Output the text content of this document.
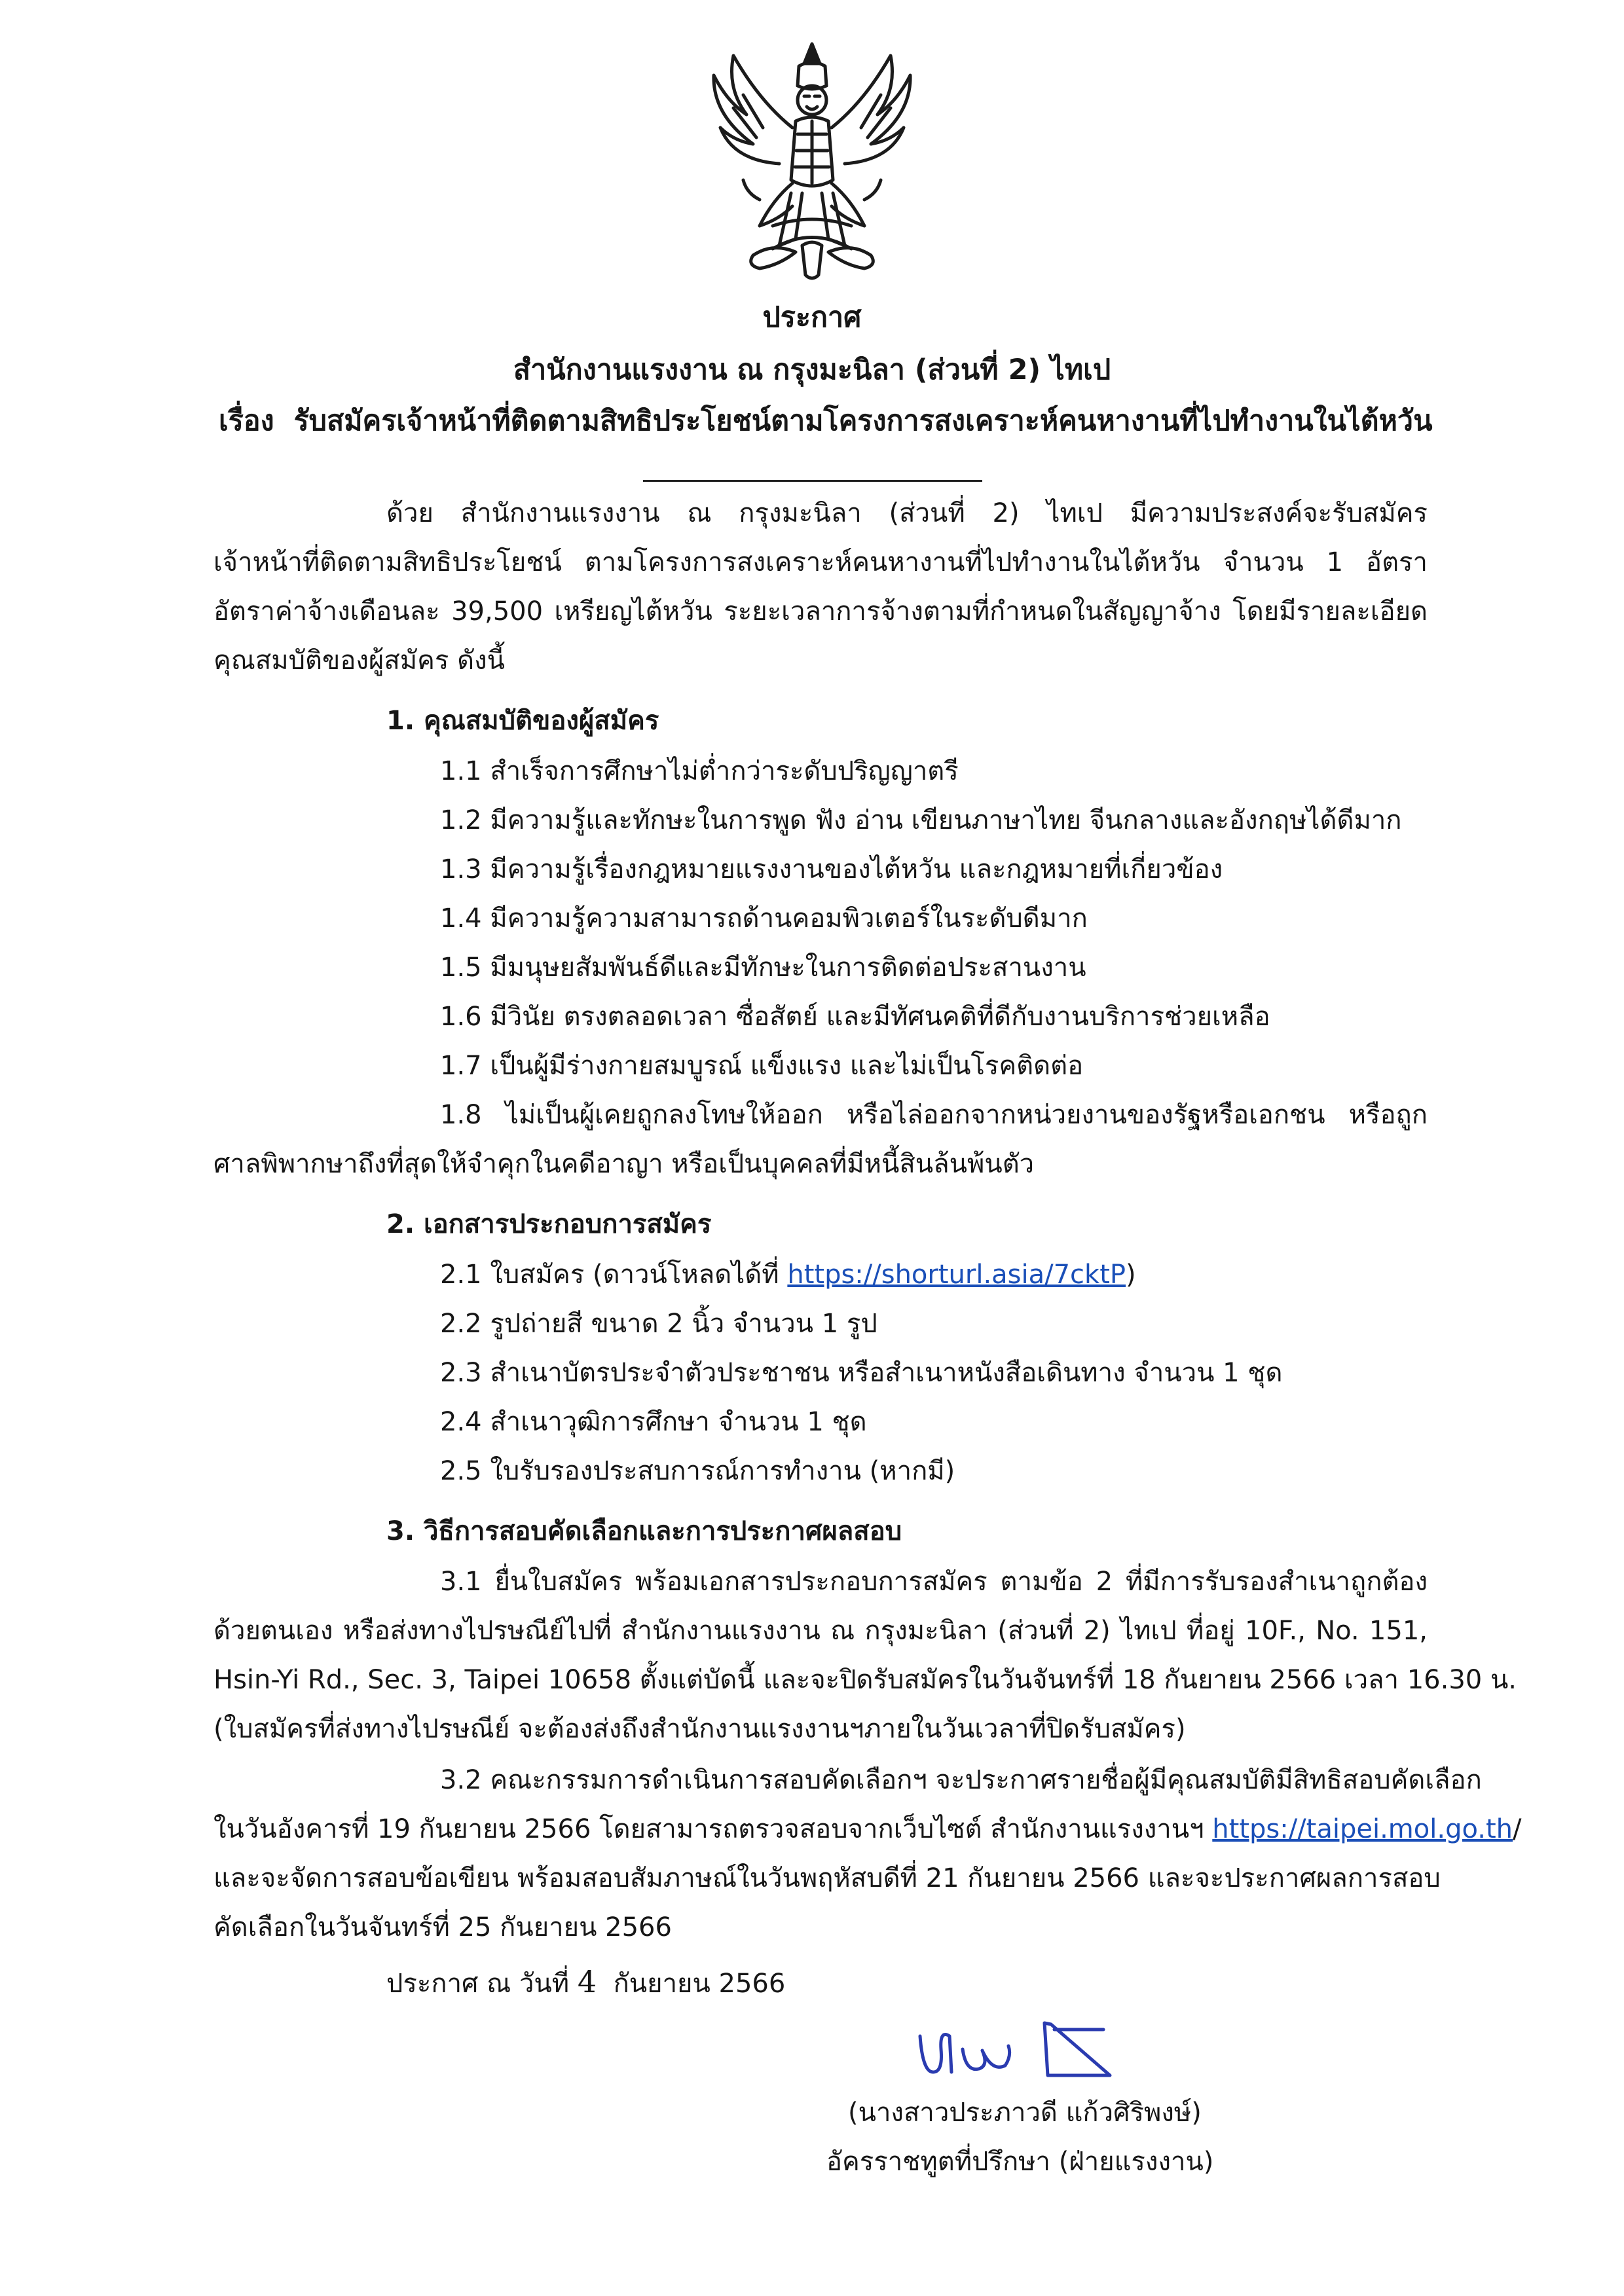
ประกาศ
สำนักงานแรงงาน ณ กรุงมะนิลา (ส่วนที่ 2) ไทเป
เรื่อง รับสมัครเจ้าหน้าที่ติดตามสิทธิประโยชน์ตามโครงการสงเคราะห์คนหางานที่ไปทำงานในไต้หวัน
ด้วย สำนักงานแรงงาน ณ กรุงมะนิลา (ส่วนที่ 2) ไทเป มีความประสงค์จะรับสมัคร
เจ้าหน้าที่ติดตามสิทธิประโยชน์ ตามโครงการสงเคราะห์คนหางานที่ไปทำงานในไต้หวัน จำนวน 1 อัตรา
อัตราค่าจ้างเดือนละ 39,500 เหรียญไต้หวัน ระยะเวลาการจ้างตามที่กำหนดในสัญญาจ้าง โดยมีรายละเอียด
คุณสมบัติของผู้สมัคร ดังนี้
1. คุณสมบัติของผู้สมัคร
1.1 สำเร็จการศึกษาไม่ต่ำกว่าระดับปริญญาตรี
1.2 มีความรู้และทักษะในการพูด ฟัง อ่าน เขียนภาษาไทย จีนกลางและอังกฤษได้ดีมาก
1.3 มีความรู้เรื่องกฎหมายแรงงานของไต้หวัน และกฎหมายที่เกี่ยวข้อง
1.4 มีความรู้ความสามารถด้านคอมพิวเตอร์ในระดับดีมาก
1.5 มีมนุษยสัมพันธ์ดีและมีทักษะในการติดต่อประสานงาน
1.6 มีวินัย ตรงตลอดเวลา ซื่อสัตย์ และมีทัศนคติที่ดีกับงานบริการช่วยเหลือ
1.7 เป็นผู้มีร่างกายสมบูรณ์ แข็งแรง และไม่เป็นโรคติดต่อ
1.8 ไม่เป็นผู้เคยถูกลงโทษให้ออก หรือไล่ออกจากหน่วยงานของรัฐหรือเอกชน หรือถูก
ศาลพิพากษาถึงที่สุดให้จำคุกในคดีอาญา หรือเป็นบุคคลที่มีหนี้สินล้นพ้นตัว
2. เอกสารประกอบการสมัคร
2.1 ใบสมัคร (ดาวน์โหลดได้ที่ https://shorturl.asia/7cktP)
2.2 รูปถ่ายสี ขนาด 2 นิ้ว จำนวน 1 รูป
2.3 สำเนาบัตรประจำตัวประชาชน หรือสำเนาหนังสือเดินทาง จำนวน 1 ชุด
2.4 สำเนาวุฒิการศึกษา จำนวน 1 ชุด
2.5 ใบรับรองประสบการณ์การทำงาน (หากมี)
3. วิธีการสอบคัดเลือกและการประกาศผลสอบ
3.1 ยื่นใบสมัคร พร้อมเอกสารประกอบการสมัคร ตามข้อ 2 ที่มีการรับรองสำเนาถูกต้อง
ด้วยตนเอง หรือส่งทางไปรษณีย์ไปที่ สำนักงานแรงงาน ณ กรุงมะนิลา (ส่วนที่ 2) ไทเป ที่อยู่ 10F., No. 151,
Hsin-Yi Rd., Sec. 3, Taipei 10658 ตั้งแต่บัดนี้ และจะปิดรับสมัครในวันจันทร์ที่ 18 กันยายน 2566 เวลา 16.30 น.
(ใบสมัครที่ส่งทางไปรษณีย์ จะต้องส่งถึงสำนักงานแรงงานฯภายในวันเวลาที่ปิดรับสมัคร)
3.2 คณะกรรมการดำเนินการสอบคัดเลือกฯ จะประกาศรายชื่อผู้มีคุณสมบัติมีสิทธิสอบคัดเลือก
ในวันอังคารที่ 19 กันยายน 2566 โดยสามารถตรวจสอบจากเว็บไซต์ สำนักงานแรงงานฯ https://taipei.mol.go.th/
และจะจัดการสอบข้อเขียน พร้อมสอบสัมภาษณ์ในวันพฤหัสบดีที่ 21 กันยายน 2566 และจะประกาศผลการสอบ
คัดเลือกในวันจันทร์ที่ 25 กันยายน 2566
ประกาศ ณ วันที่ 4 กันยายน 2566
(นางสาวประภาวดี แก้วศิริพงษ์)
อัครราชทูตที่ปรึกษา (ฝ่ายแรงงาน)
